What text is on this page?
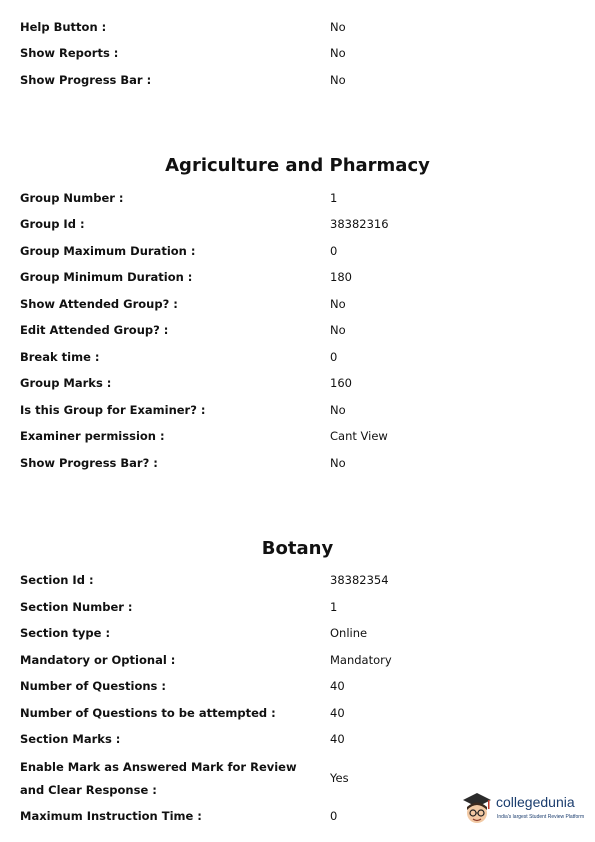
Help Button :	No
Show Reports :	No
Show Progress Bar :	No
Agriculture and Pharmacy
Group Number :	1
Group Id :	38382316
Group Maximum Duration :	0
Group Minimum Duration :	180
Show Attended Group? :	No
Edit Attended Group? :	No
Break time :	0
Group Marks :	160
Is this Group for Examiner? :	No
Examiner permission :	Cant View
Show Progress Bar? :	No
Botany
Section Id :	38382354
Section Number :	1
Section type :	Online
Mandatory or Optional :	Mandatory
Number of Questions :	40
Number of Questions to be attempted :	40
Section Marks :	40
Enable Mark as Answered Mark for Review and Clear Response :
Yes
Maximum Instruction Time :	0
collegedunia
India's largest Student Review Platform
